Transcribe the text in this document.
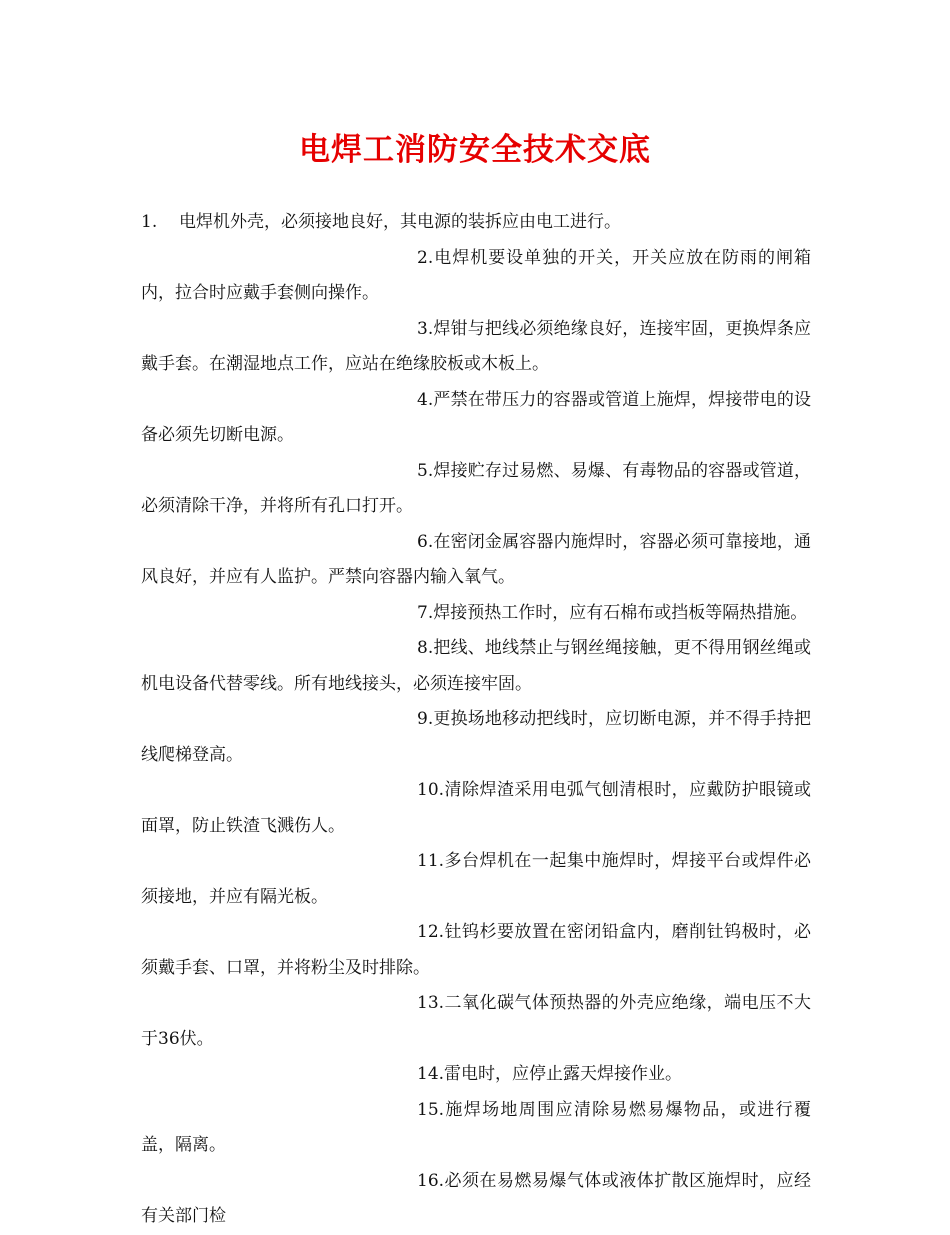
电焊工消防安全技术交底

1. 电焊机外壳，必须接地良好，其电源的装拆应由电工进行。

2.电焊机要设单独的开关，开关应放在防雨的闸箱内，拉合时应戴手套侧向操作。

3.焊钳与把线必须绝缘良好，连接牢固，更换焊条应戴手套。在潮湿地点工作，应站在绝缘胶板或木板上。

4.严禁在带压力的容器或管道上施焊，焊接带电的设备必须先切断电源。

5.焊接贮存过易燃、易爆、有毒物品的容器或管道，必须清除干净，并将所有孔口打开。

6.在密闭金属容器内施焊时，容器必须可靠接地，通风良好，并应有人监护。严禁向容器内输入氧气。

7.焊接预热工作时，应有石棉布或挡板等隔热措施。

8.把线、地线禁止与钢丝绳接触，更不得用钢丝绳或机电设备代替零线。所有地线接头，必须连接牢固。

9.更换场地移动把线时，应切断电源，并不得手持把线爬梯登高。

10.清除焊渣采用电弧气刨清根时，应戴防护眼镜或面罩，防止铁渣飞溅伤人。

11.多台焊机在一起集中施焊时，焊接平台或焊件必须接地，并应有隔光板。

12.钍钨杉要放置在密闭铅盒内，磨削钍钨极时，必须戴手套、口罩，并将粉尘及时排除。

13.二氧化碳气体预热器的外壳应绝缘，端电压不大于36伏。

14.雷电时，应停止露天焊接作业。

15.施焊场地周围应清除易燃易爆物品，或进行覆盖，隔离。

16.必须在易燃易爆气体或液体扩散区施焊时，应经有关部门检
